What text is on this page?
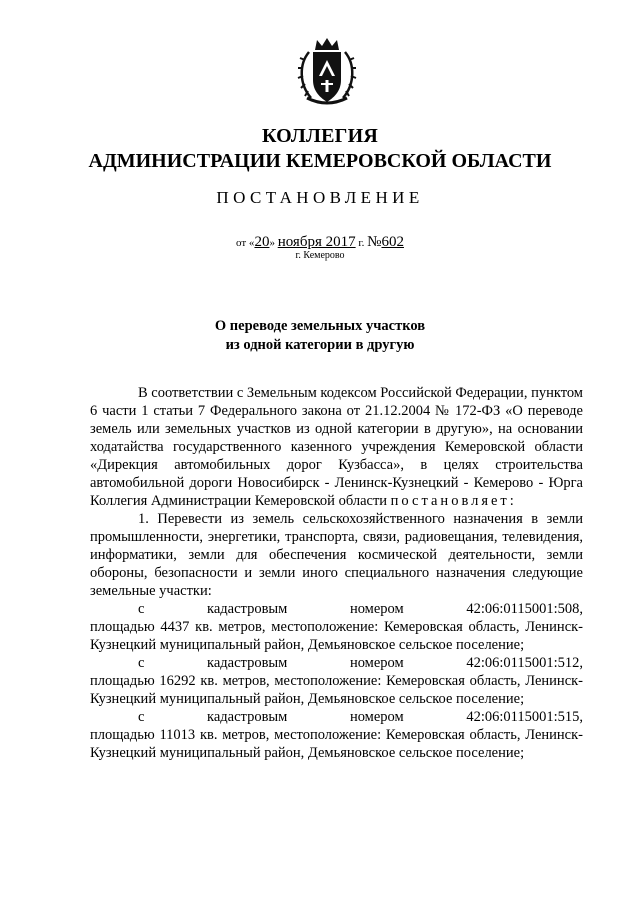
КОЛЛЕГИЯ
АДМИНИСТРАЦИИ КЕМЕРОВСКОЙ ОБЛАСТИ
ПОСТАНОВЛЕНИЕ
от «20» ноября 2017 г. №602
г. Кемерово
О переводе земельных участков
из одной категории в другую

В соответствии с Земельным кодексом Российской Федерации, пунктом 6 части 1 статьи 7 Федерального закона от 21.12.2004 № 172-ФЗ «О переводе земель или земельных участков из одной категории в другую», на основании ходатайства государственного казенного учреждения Кемеровской области «Дирекция автомобильных дорог Кузбасса», в целях строительства автомобильной дороги Новосибирск - Ленинск-Кузнецкий - Кемерово - Юрга Коллегия Администрации Кемеровской области постановляет:

1. Перевести из земель сельскохозяйственного назначения в земли промышленности, энергетики, транспорта, связи, радиовещания, телевидения, информатики, земли для обеспечения космической деятельности, земли обороны, безопасности и земли иного специального назначения следующие земельные участки:

с	кадастровым	номером	42:06:0115001:508,
площадью 4437 кв. метров, местоположение: Кемеровская область, Ленинск-Кузнецкий муниципальный район, Демьяновское сельское поселение;
с	кадастровым	номером	42:06:0115001:512,
площадью 16292 кв. метров, местоположение: Кемеровская область, Ленинск-Кузнецкий муниципальный район, Демьяновское сельское поселение;
с	кадастровым	номером	42:06:0115001:515,
площадью 11013 кв. метров, местоположение: Кемеровская область, Ленинск-Кузнецкий муниципальный район, Демьяновское сельское поселение;
